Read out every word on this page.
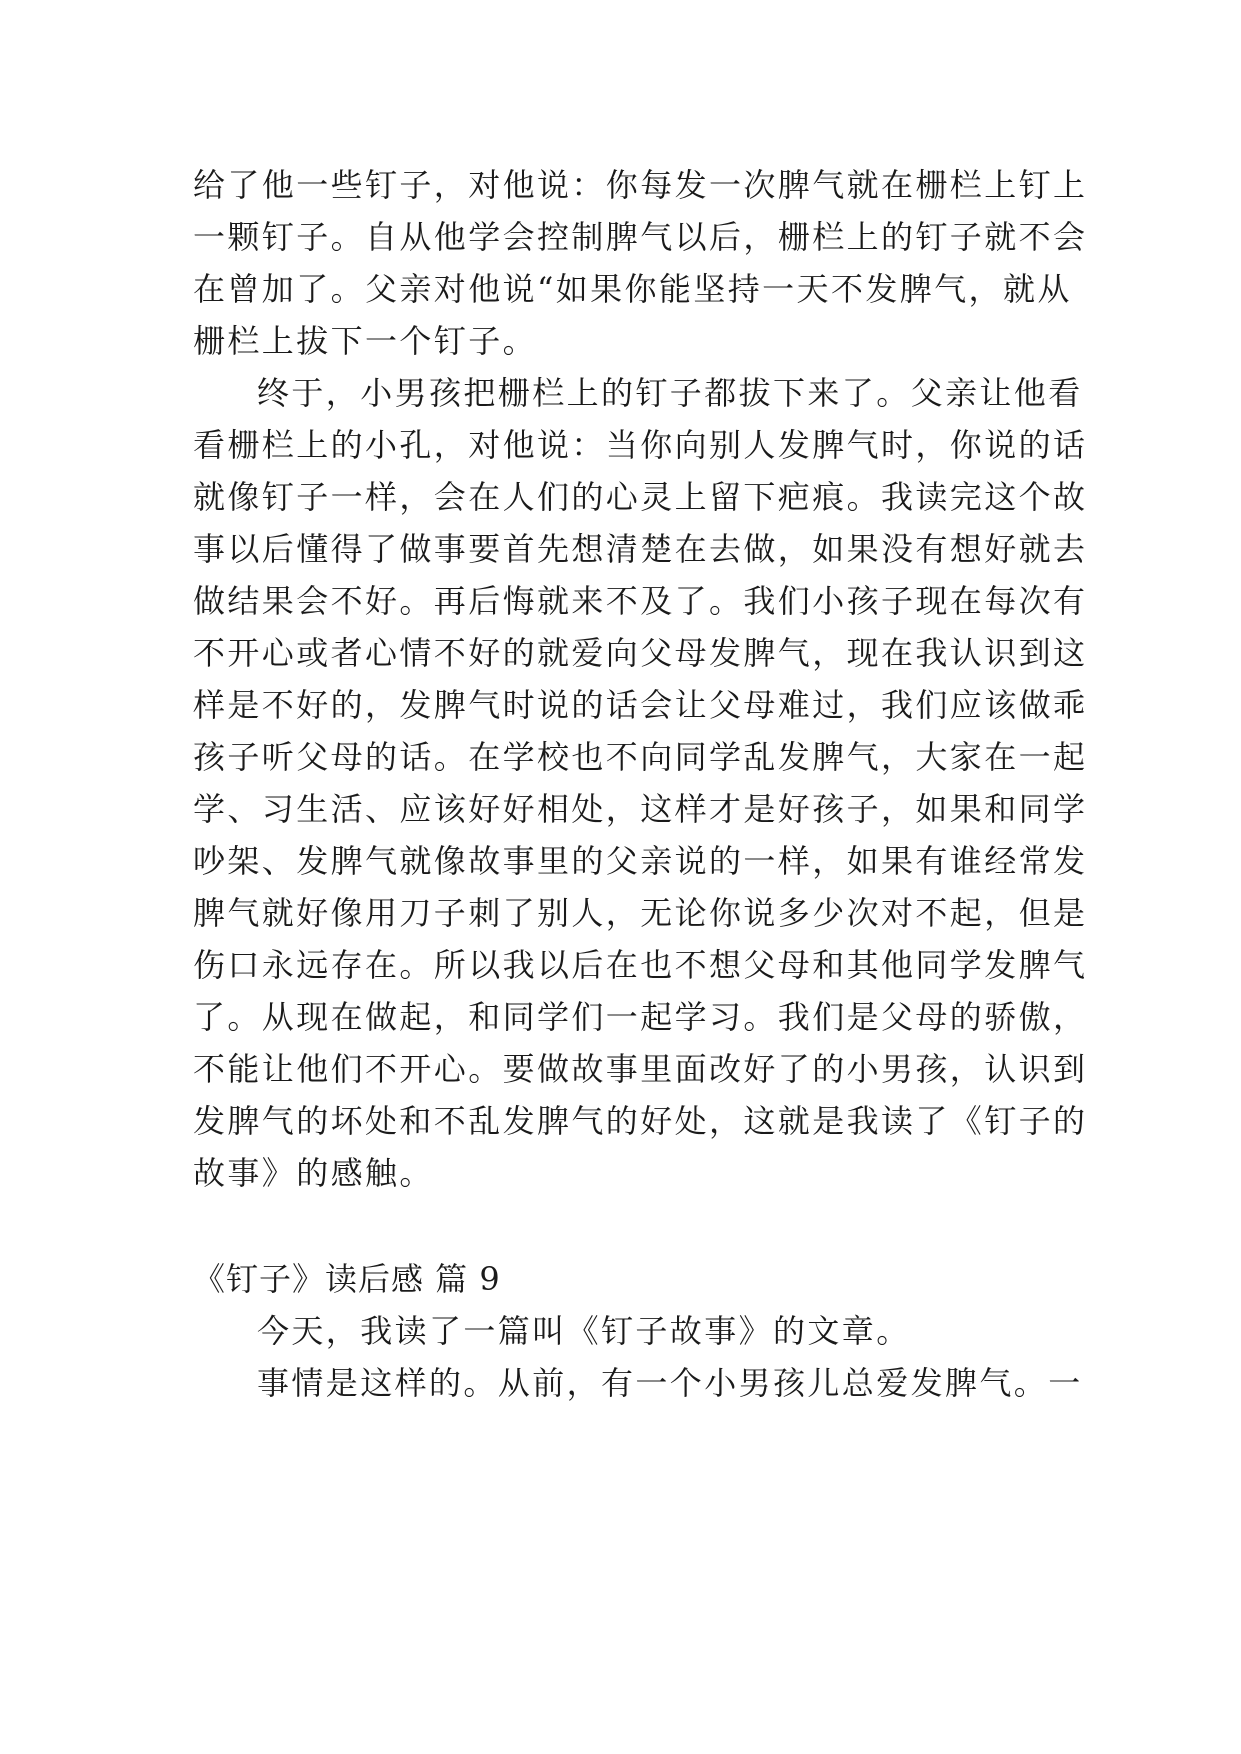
给了他一些钉子，对他说：你每发一次脾气就在栅栏上钉上
一颗钉子。自从他学会控制脾气以后，栅栏上的钉子就不会
在曾加了。父亲对他说“如果你能坚持一天不发脾气，就从
栅栏上拔下一个钉子。
终于，小男孩把栅栏上的钉子都拔下来了。父亲让他看
看栅栏上的小孔，对他说：当你向别人发脾气时，你说的话
就像钉子一样，会在人们的心灵上留下疤痕。我读完这个故
事以后懂得了做事要首先想清楚在去做，如果没有想好就去
做结果会不好。再后悔就来不及了。我们小孩子现在每次有
不开心或者心情不好的就爱向父母发脾气，现在我认识到这
样是不好的，发脾气时说的话会让父母难过，我们应该做乖
孩子听父母的话。在学校也不向同学乱发脾气，大家在一起
学、习生活、应该好好相处，这样才是好孩子，如果和同学
吵架、发脾气就像故事里的父亲说的一样，如果有谁经常发
脾气就好像用刀子刺了别人，无论你说多少次对不起，但是
伤口永远存在。所以我以后在也不想父母和其他同学发脾气
了。从现在做起，和同学们一起学习。我们是父母的骄傲，
不能让他们不开心。要做故事里面改好了的小男孩，认识到
发脾气的坏处和不乱发脾气的好处，这就是我读了《钉子的
故事》的感触。
《钉子》读后感 篇 9
今天，我读了一篇叫《钉子故事》的文章。
事情是这样的。从前，有一个小男孩儿总爱发脾气。一
